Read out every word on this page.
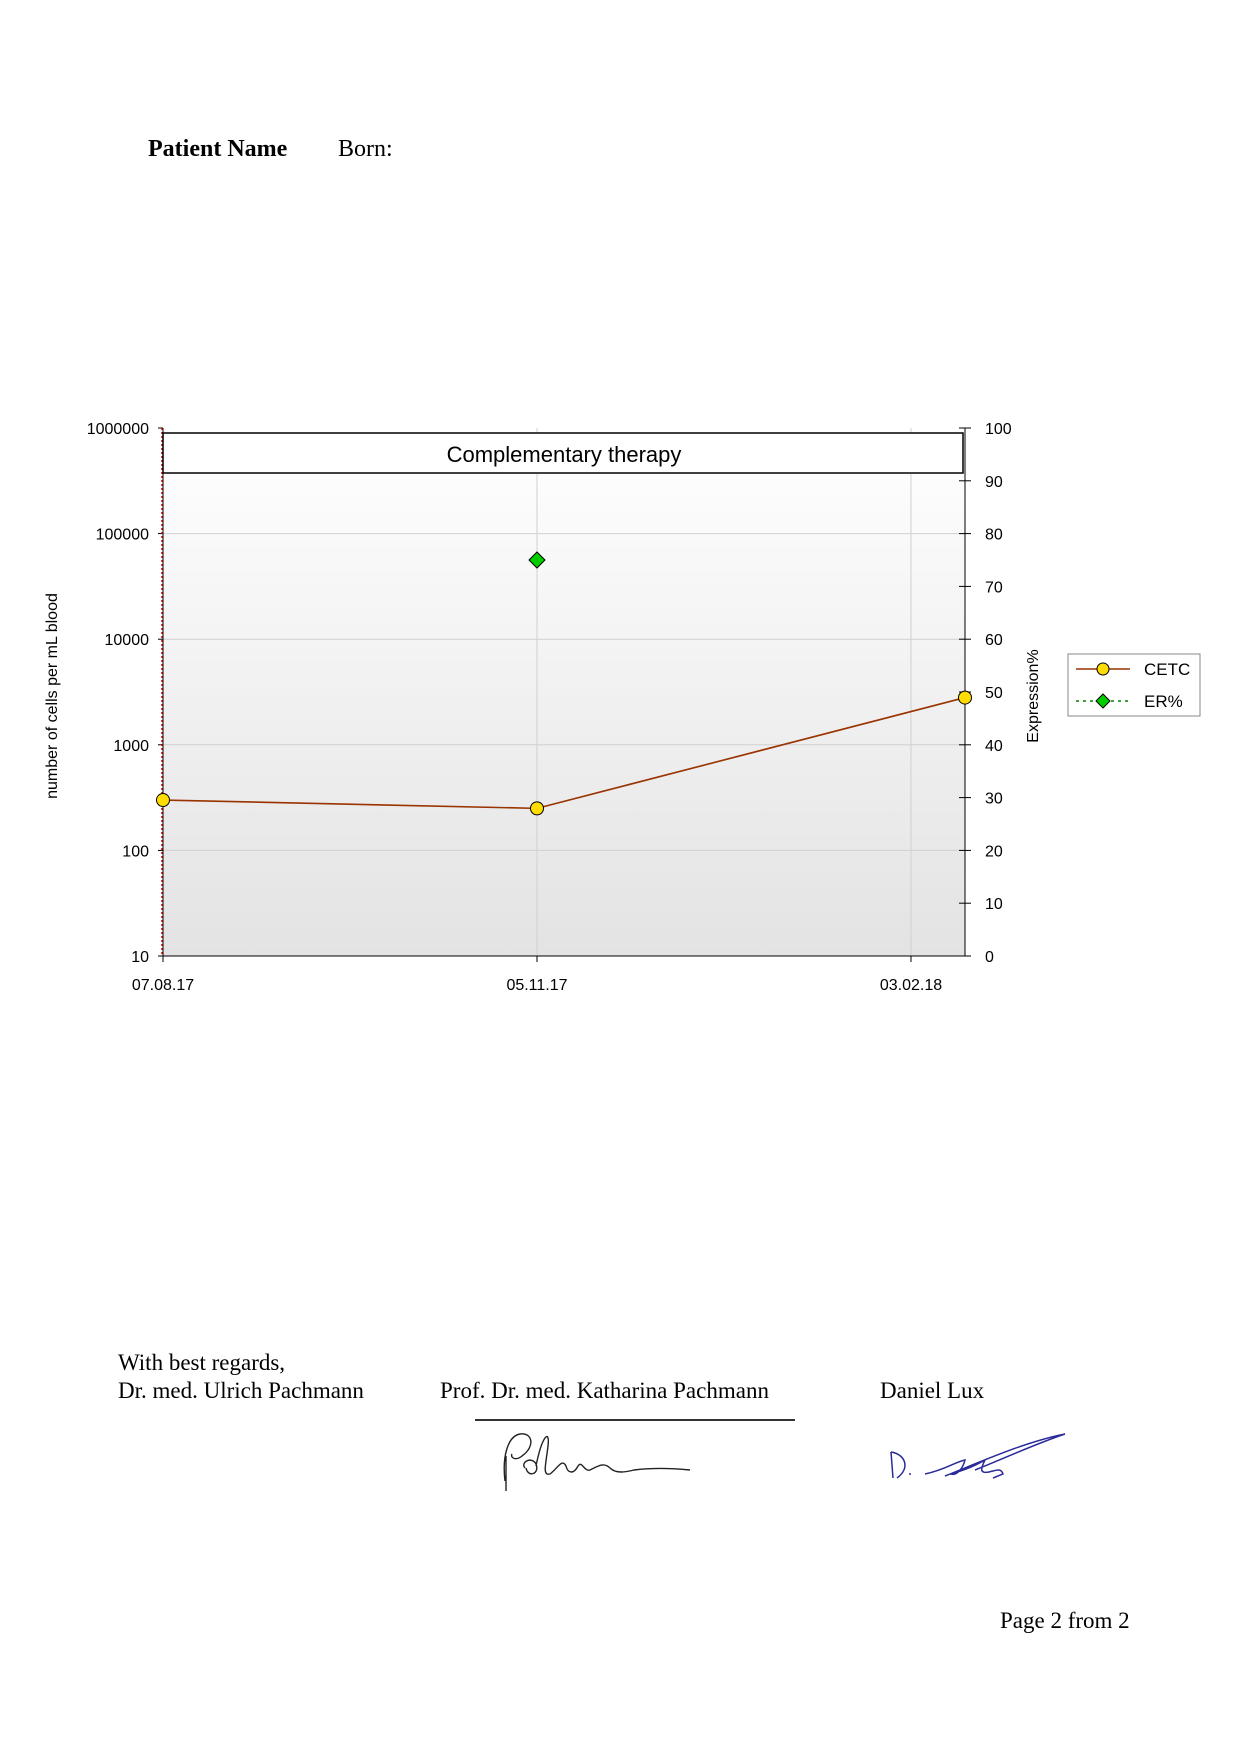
Patient Name Born:
10
100
1000
10000
100000
1000000
0
10
20
30
40
50
60
70
80
90
100
07.08.17	05.11.17	03.02.18
Complementary therapy
number of cells per mL blood	Expression%	CETC
ER%
With best regards,
Dr. med. Ulrich Pachmann	Prof. Dr. med. Katharina Pachmann	Daniel Lux
Page 2 from 2
